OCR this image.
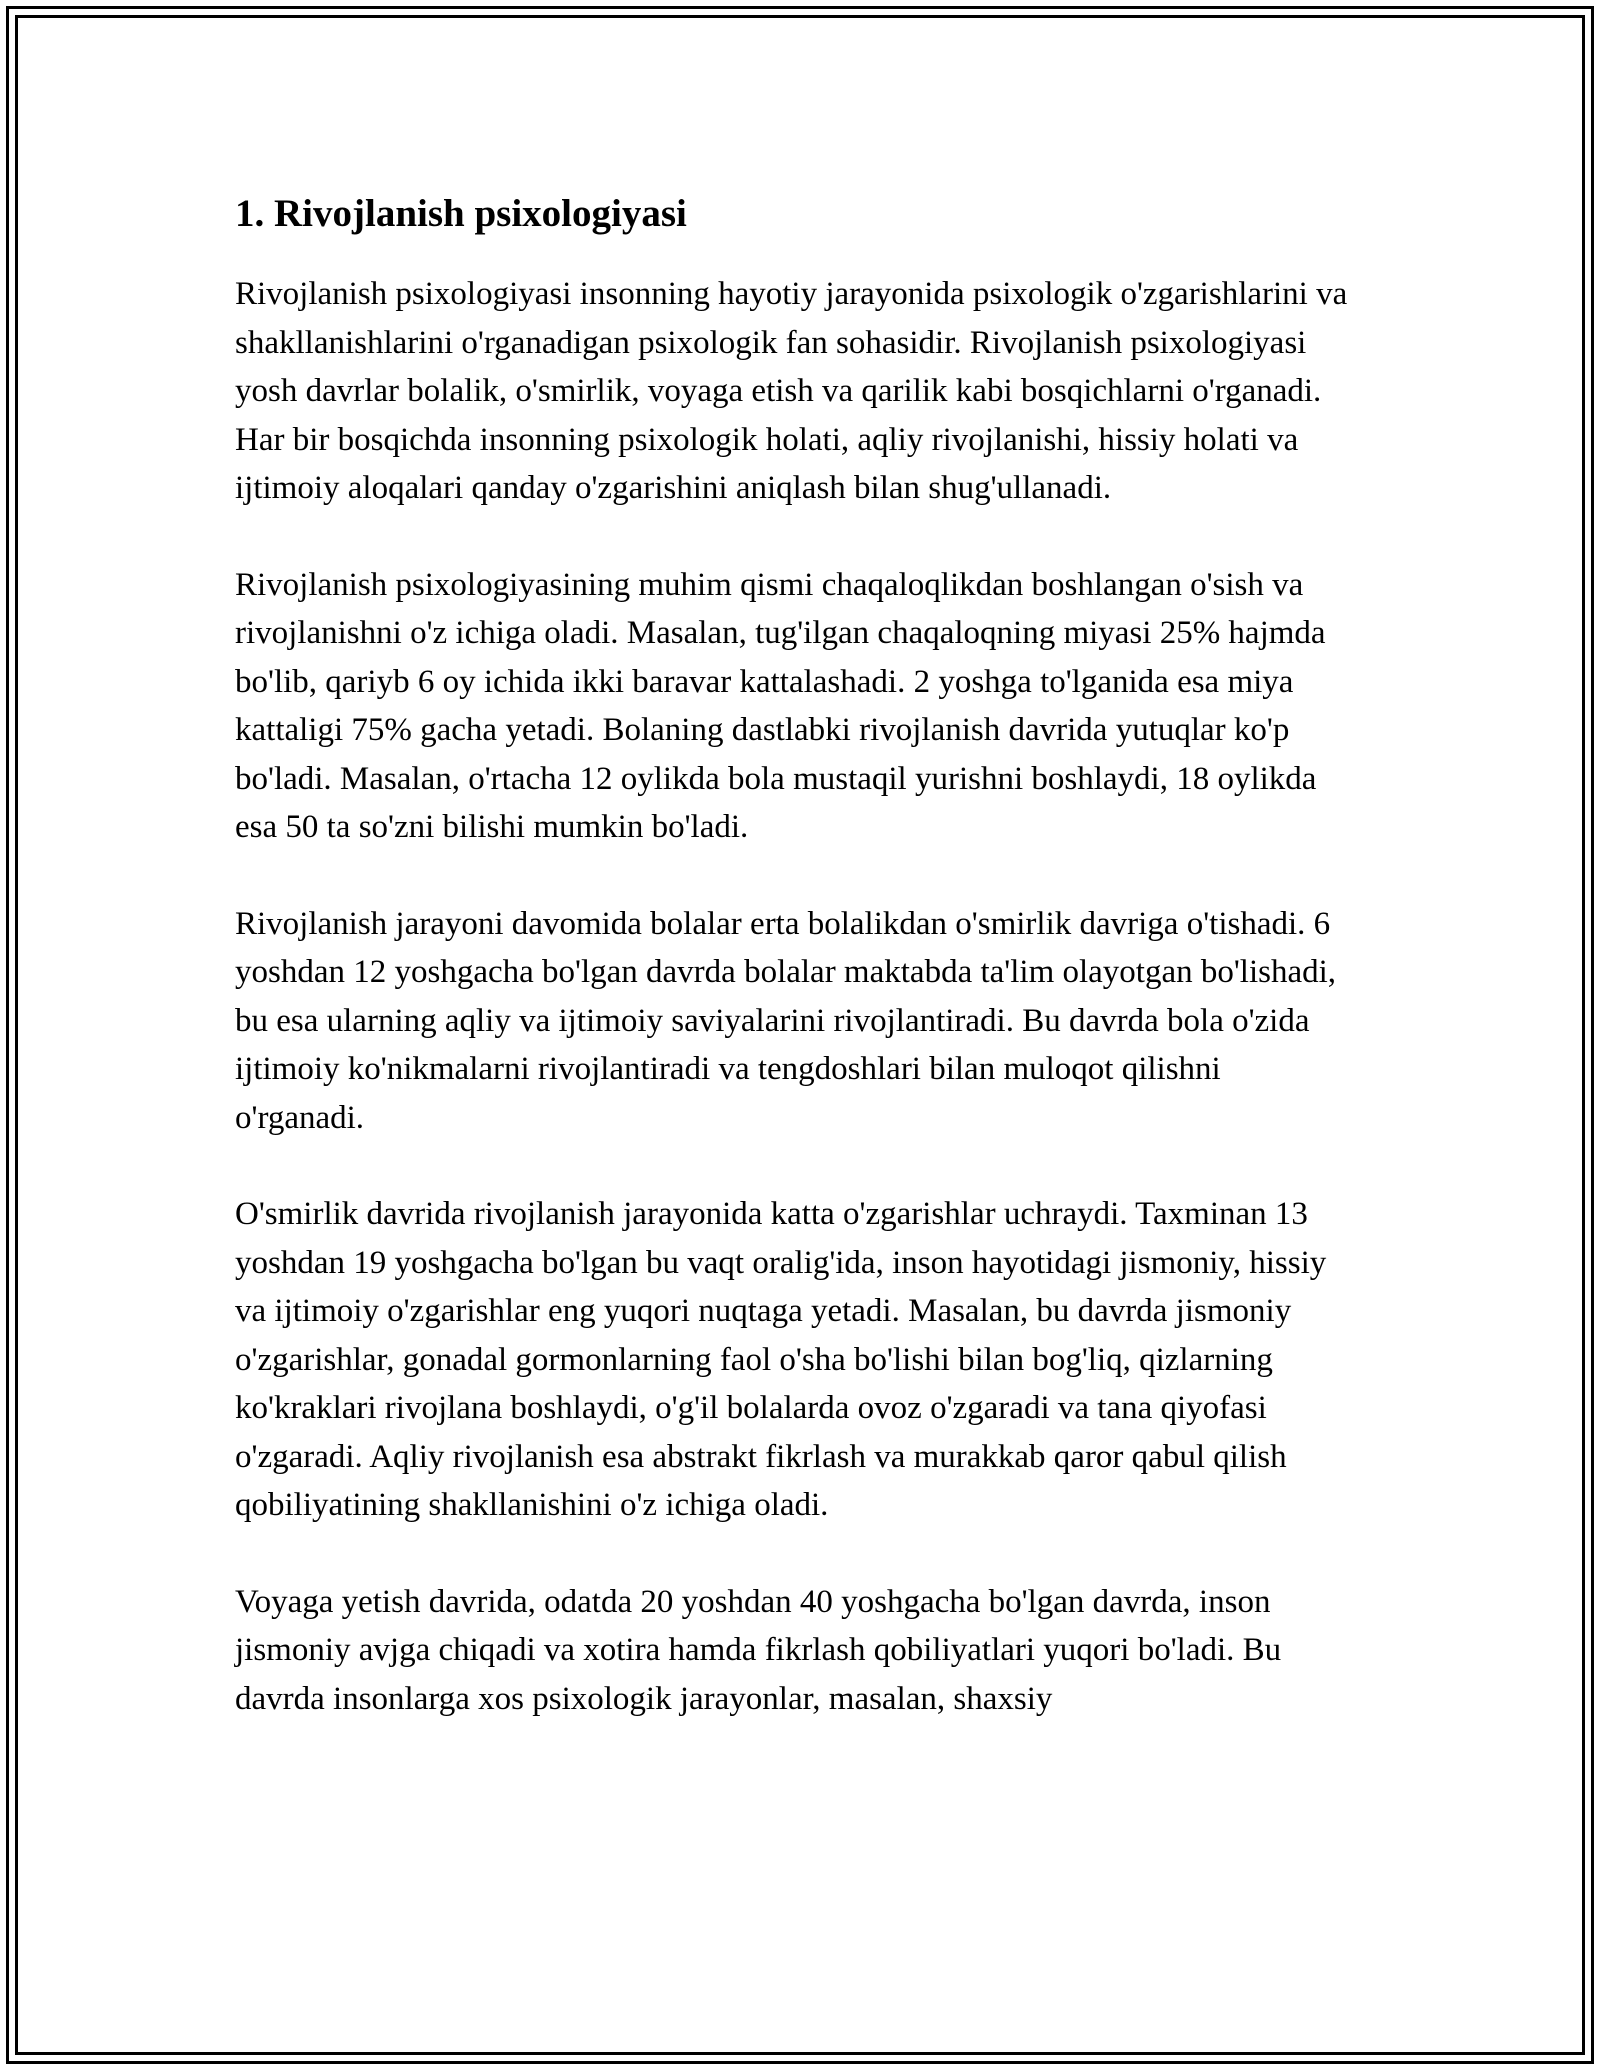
1. Rivojlanish psixologiyasi

Rivojlanish psixologiyasi insonning hayotiy jarayonida psixologik o'zgarishlarini va shakllanishlarini o'rganadigan psixologik fan sohasidir. Rivojlanish psixologiyasi yosh davrlar bolalik, o'smirlik, voyaga etish va qarilik kabi bosqichlarni o'rganadi. Har bir bosqichda insonning psixologik holati, aqliy rivojlanishi, hissiy holati va ijtimoiy aloqalari qanday o'zgarishini aniqlash bilan shug'ullanadi.

Rivojlanish psixologiyasining muhim qismi chaqaloqlikdan boshlangan o'sish va rivojlanishni o'z ichiga oladi. Masalan, tug'ilgan chaqaloqning miyasi 25% hajmda bo'lib, qariyb 6 oy ichida ikki baravar kattalashadi. 2 yoshga to'lganida esa miya kattaligi 75% gacha yetadi. Bolaning dastlabki rivojlanish davrida yutuqlar ko'p bo'ladi. Masalan, o'rtacha 12 oylikda bola mustaqil yurishni boshlaydi, 18 oylikda esa 50 ta so'zni bilishi mumkin bo'ladi.

Rivojlanish jarayoni davomida bolalar erta bolalikdan o'smirlik davriga o'tishadi. 6 yoshdan 12 yoshgacha bo'lgan davrda bolalar maktabda ta'lim olayotgan bo'lishadi, bu esa ularning aqliy va ijtimoiy saviyalarini rivojlantiradi. Bu davrda bola o'zida ijtimoiy ko'nikmalarni rivojlantiradi va tengdoshlari bilan muloqot qilishni o'rganadi.

O'smirlik davrida rivojlanish jarayonida katta o'zgarishlar uchraydi. Taxminan 13 yoshdan 19 yoshgacha bo'lgan bu vaqt oralig'ida, inson hayotidagi jismoniy, hissiy va ijtimoiy o'zgarishlar eng yuqori nuqtaga yetadi. Masalan, bu davrda jismoniy o'zgarishlar, gonadal gormonlarning faol o'sha bo'lishi bilan bog'liq, qizlarning ko'kraklari rivojlana boshlaydi, o'g'il bolalarda ovoz o'zgaradi va tana qiyofasi o'zgaradi. Aqliy rivojlanish esa abstrakt fikrlash va murakkab qaror qabul qilish qobiliyatining shakllanishini o'z ichiga oladi.

Voyaga yetish davrida, odatda 20 yoshdan 40 yoshgacha bo'lgan davrda, inson jismoniy avjga chiqadi va xotira hamda fikrlash qobiliyatlari yuqori bo'ladi. Bu davrda insonlarga xos psixologik jarayonlar, masalan, shaxsiy
